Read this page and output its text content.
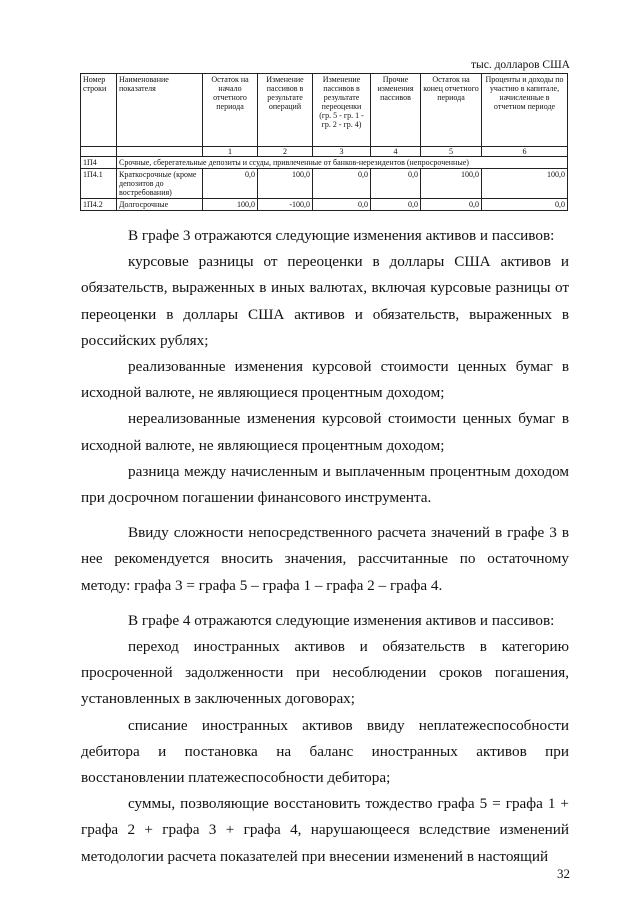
тыс. долларов США
Номер строки	Наименование показателя	Остаток на начало отчетного периода	Изменение пассивов в результате операций	Изменение пассивов в результате переоценки (гр. 5 - гр. 1 - гр. 2 - гр. 4)	Прочие изменения пассивов	Остаток на конец отчетного периода	Проценты и доходы по участию в капитале, начисленные в отчетном периоде
		1	2	3	4	5	6
1П4	Срочные, сберегательные депозиты и ссуды, привлеченные от банков-нерезидентов (непросроченные)						
1П4.1	Краткосрочные (кроме депозитов до востребования)	0,0	100,0	0,0	0,0	100,0	100,0
1П4.2	Долгосрочные	100,0	-100,0	0,0	0,0	0,0	0,0

В графе 3 отражаются следующие изменения активов и пассивов:

курсовые разницы от переоценки в доллары США активов и обязательств, выраженных в иных валютах, включая курсовые разницы от переоценки в доллары США активов и обязательств, выраженных в российских рублях;

реализованные изменения курсовой стоимости ценных бумаг в исходной валюте, не являющиеся процентным доходом;

нереализованные изменения курсовой стоимости ценных бумаг в исходной валюте, не являющиеся процентным доходом;

разница между начисленным и выплаченным процентным доходом при досрочном погашении финансового инструмента.

Ввиду сложности непосредственного расчета значений в графе 3 в нее рекомендуется вносить значения, рассчитанные по остаточному методу: графа 3 = графа 5 – графа 1 – графа 2 – графа 4.

В графе 4 отражаются следующие изменения активов и пассивов:

переход иностранных активов и обязательств в категорию просроченной задолженности при несоблюдении сроков погашения, установленных в заключенных договорах;

списание иностранных активов ввиду неплатежеспособности дебитора и постановка на баланс иностранных активов при восстановлении платежеспособности дебитора;

суммы, позволяющие восстановить тождество графа 5 = графа 1 + графа 2 + графа 3 + графа 4, нарушающееся вследствие изменений методологии расчета показателей при внесении изменений в настоящий

32
